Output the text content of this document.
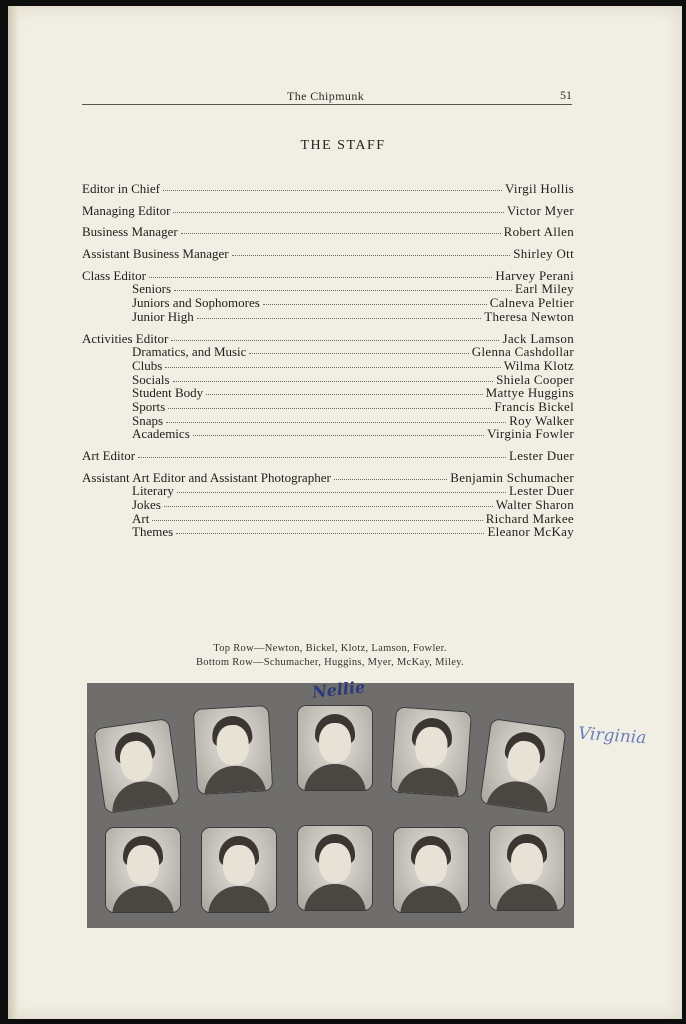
The Chipmunk	51
THE STAFF
Editor in Chief	Virgil Hollis
Managing Editor	Victor Myer
Business Manager	Robert Allen
Assistant Business Manager	Shirley Ott
Class Editor	Harvey Perani
Seniors	Earl Miley
Juniors and Sophomores	Calneva Peltier
Junior High	Theresa Newton
Activities Editor	Jack Lamson
Dramatics, and Music	Glenna Cashdollar
Clubs	Wilma Klotz
Socials	Shiela Cooper
Student Body	Mattye Huggins
Sports	Francis Bickel
Snaps	Roy Walker
Academics	Virginia Fowler
Art Editor	Lester Duer
Assistant Art Editor and Assistant Photographer	Benjamin Schumacher
Literary	Lester Duer
Jokes	Walter Sharon
Art	Richard Markee
Themes	Eleanor McKay
Top Row—Newton, Bickel, Klotz, Lamson, Fowler.
Bottom Row—Schumacher, Huggins, Myer, McKay, Miley.
Nellie
Virginia
